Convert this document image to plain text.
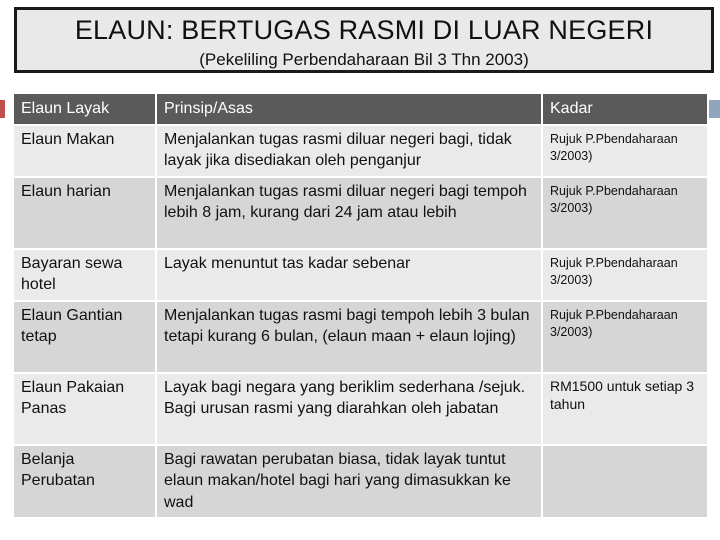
ELAUN: BERTUGAS RASMI DI LUAR NEGERI
(Pekeliling Perbendaharaan Bil 3 Thn 2003)
Elaun Layak	Prinsip/Asas	Kadar
Elaun Makan	Menjalankan tugas rasmi diluar negeri bagi, tidak layak jika disediakan oleh penganjur	Rujuk P.Pbendaharaan 3/2003)
Elaun harian	Menjalankan tugas rasmi diluar negeri bagi tempoh lebih 8 jam, kurang dari 24 jam atau lebih	Rujuk P.Pbendaharaan 3/2003)
Bayaran sewa hotel	Layak menuntut tas kadar sebenar	Rujuk P.Pbendaharaan 3/2003)
Elaun Gantian tetap	Menjalankan tugas rasmi bagi tempoh lebih 3 bulan tetapi kurang 6 bulan, (elaun maan + elaun lojing)	Rujuk P.Pbendaharaan 3/2003)
Elaun Pakaian Panas	Layak bagi negara yang beriklim sederhana /sejuk. Bagi urusan rasmi yang diarahkan oleh jabatan	RM1500 untuk setiap 3 tahun
Belanja Perubatan	Bagi rawatan perubatan biasa, tidak layak tuntut elaun makan/hotel bagi hari yang dimasukkan ke wad	
